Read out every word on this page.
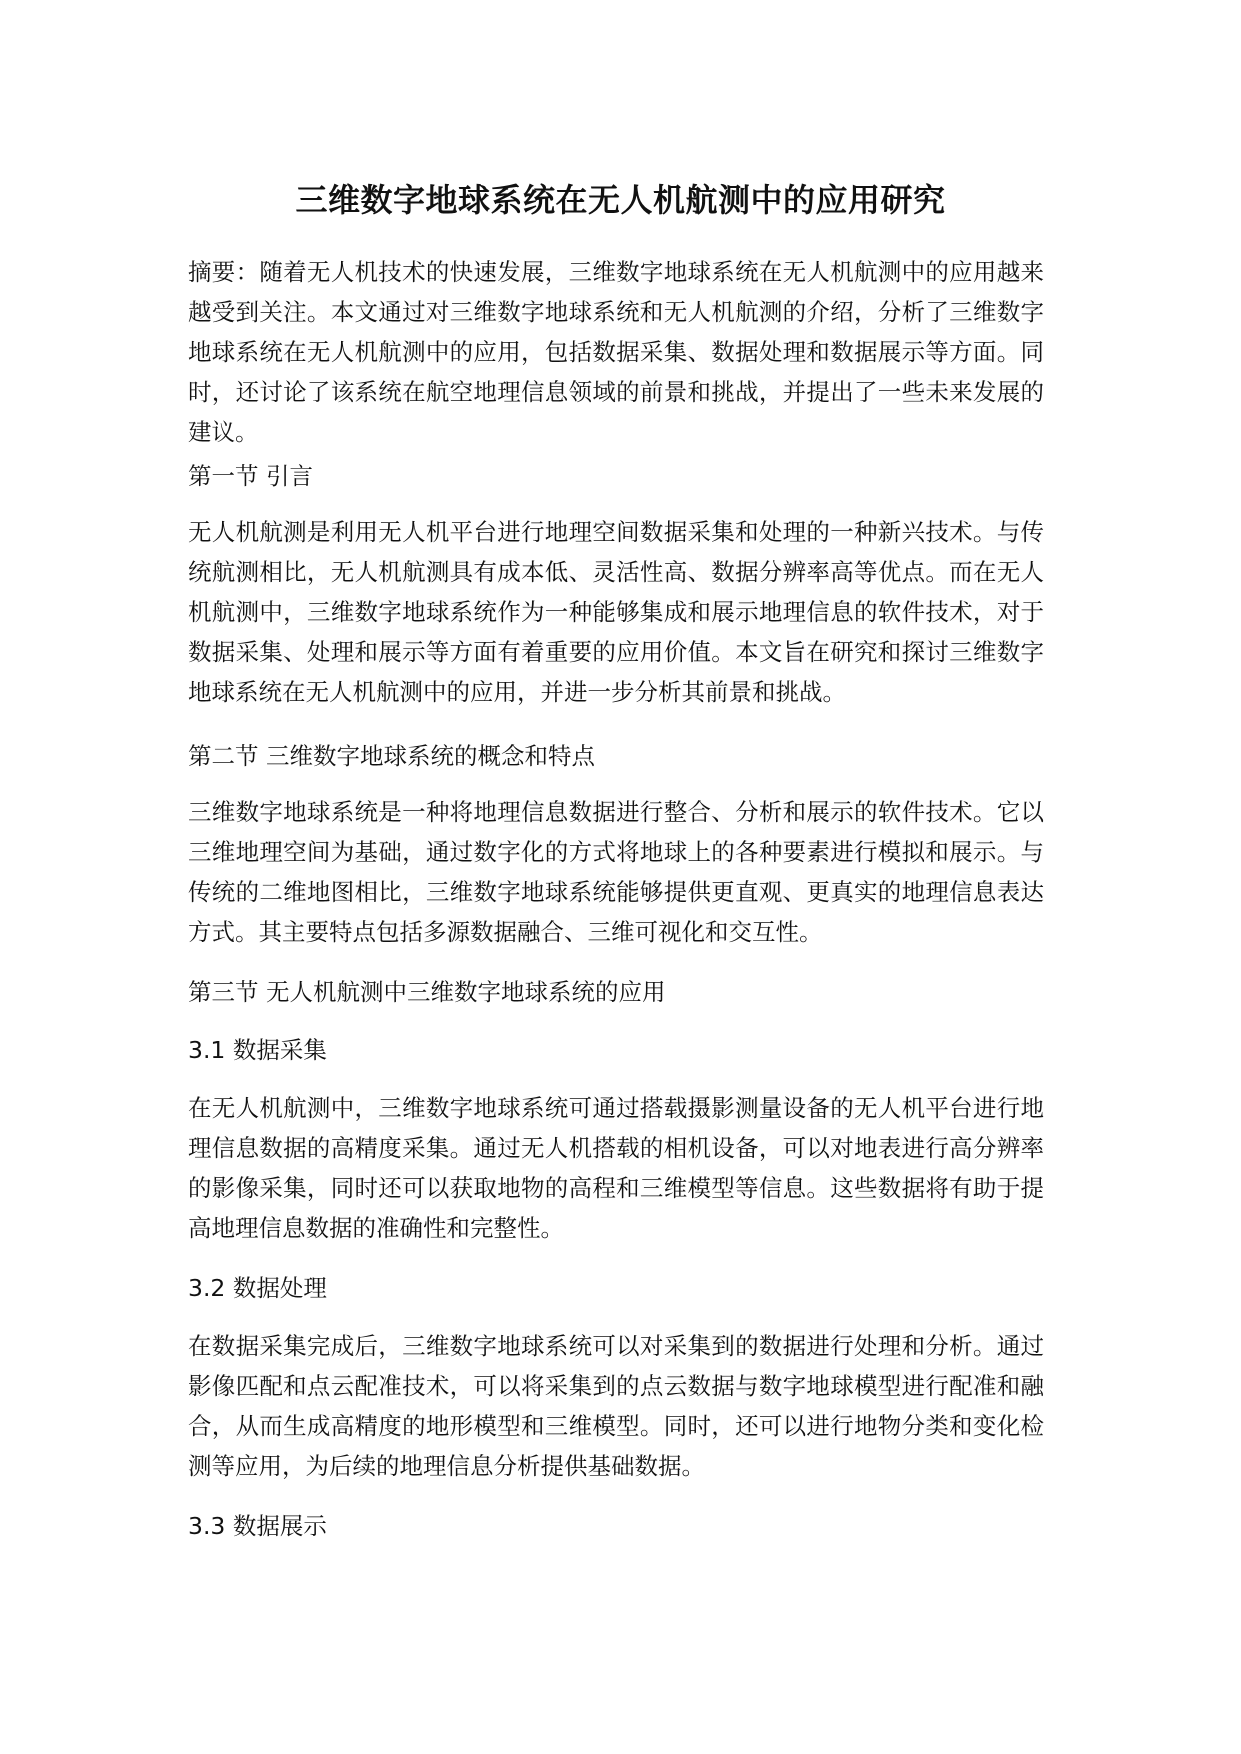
三维数字地球系统在无人机航测中的应用研究
摘要：随着无人机技术的快速发展，三维数字地球系统在无人机航测中的应用越来越受到关注。本文通过对三维数字地球系统和无人机航测的介绍，分析了三维数字地球系统在无人机航测中的应用，包括数据采集、数据处理和数据展示等方面。同时，还讨论了该系统在航空地理信息领域的前景和挑战，并提出了一些未来发展的建议。
第一节 引言
无人机航测是利用无人机平台进行地理空间数据采集和处理的一种新兴技术。与传统航测相比，无人机航测具有成本低、灵活性高、数据分辨率高等优点。而在无人机航测中，三维数字地球系统作为一种能够集成和展示地理信息的软件技术，对于数据采集、处理和展示等方面有着重要的应用价值。本文旨在研究和探讨三维数字地球系统在无人机航测中的应用，并进一步分析其前景和挑战。
第二节 三维数字地球系统的概念和特点
三维数字地球系统是一种将地理信息数据进行整合、分析和展示的软件技术。它以三维地理空间为基础，通过数字化的方式将地球上的各种要素进行模拟和展示。与传统的二维地图相比，三维数字地球系统能够提供更直观、更真实的地理信息表达方式。其主要特点包括多源数据融合、三维可视化和交互性。
第三节 无人机航测中三维数字地球系统的应用
3.1 数据采集
在无人机航测中，三维数字地球系统可通过搭载摄影测量设备的无人机平台进行地理信息数据的高精度采集。通过无人机搭载的相机设备，可以对地表进行高分辨率的影像采集，同时还可以获取地物的高程和三维模型等信息。这些数据将有助于提高地理信息数据的准确性和完整性。
3.2 数据处理
在数据采集完成后，三维数字地球系统可以对采集到的数据进行处理和分析。通过影像匹配和点云配准技术，可以将采集到的点云数据与数字地球模型进行配准和融合，从而生成高精度的地形模型和三维模型。同时，还可以进行地物分类和变化检测等应用，为后续的地理信息分析提供基础数据。
3.3 数据展示
